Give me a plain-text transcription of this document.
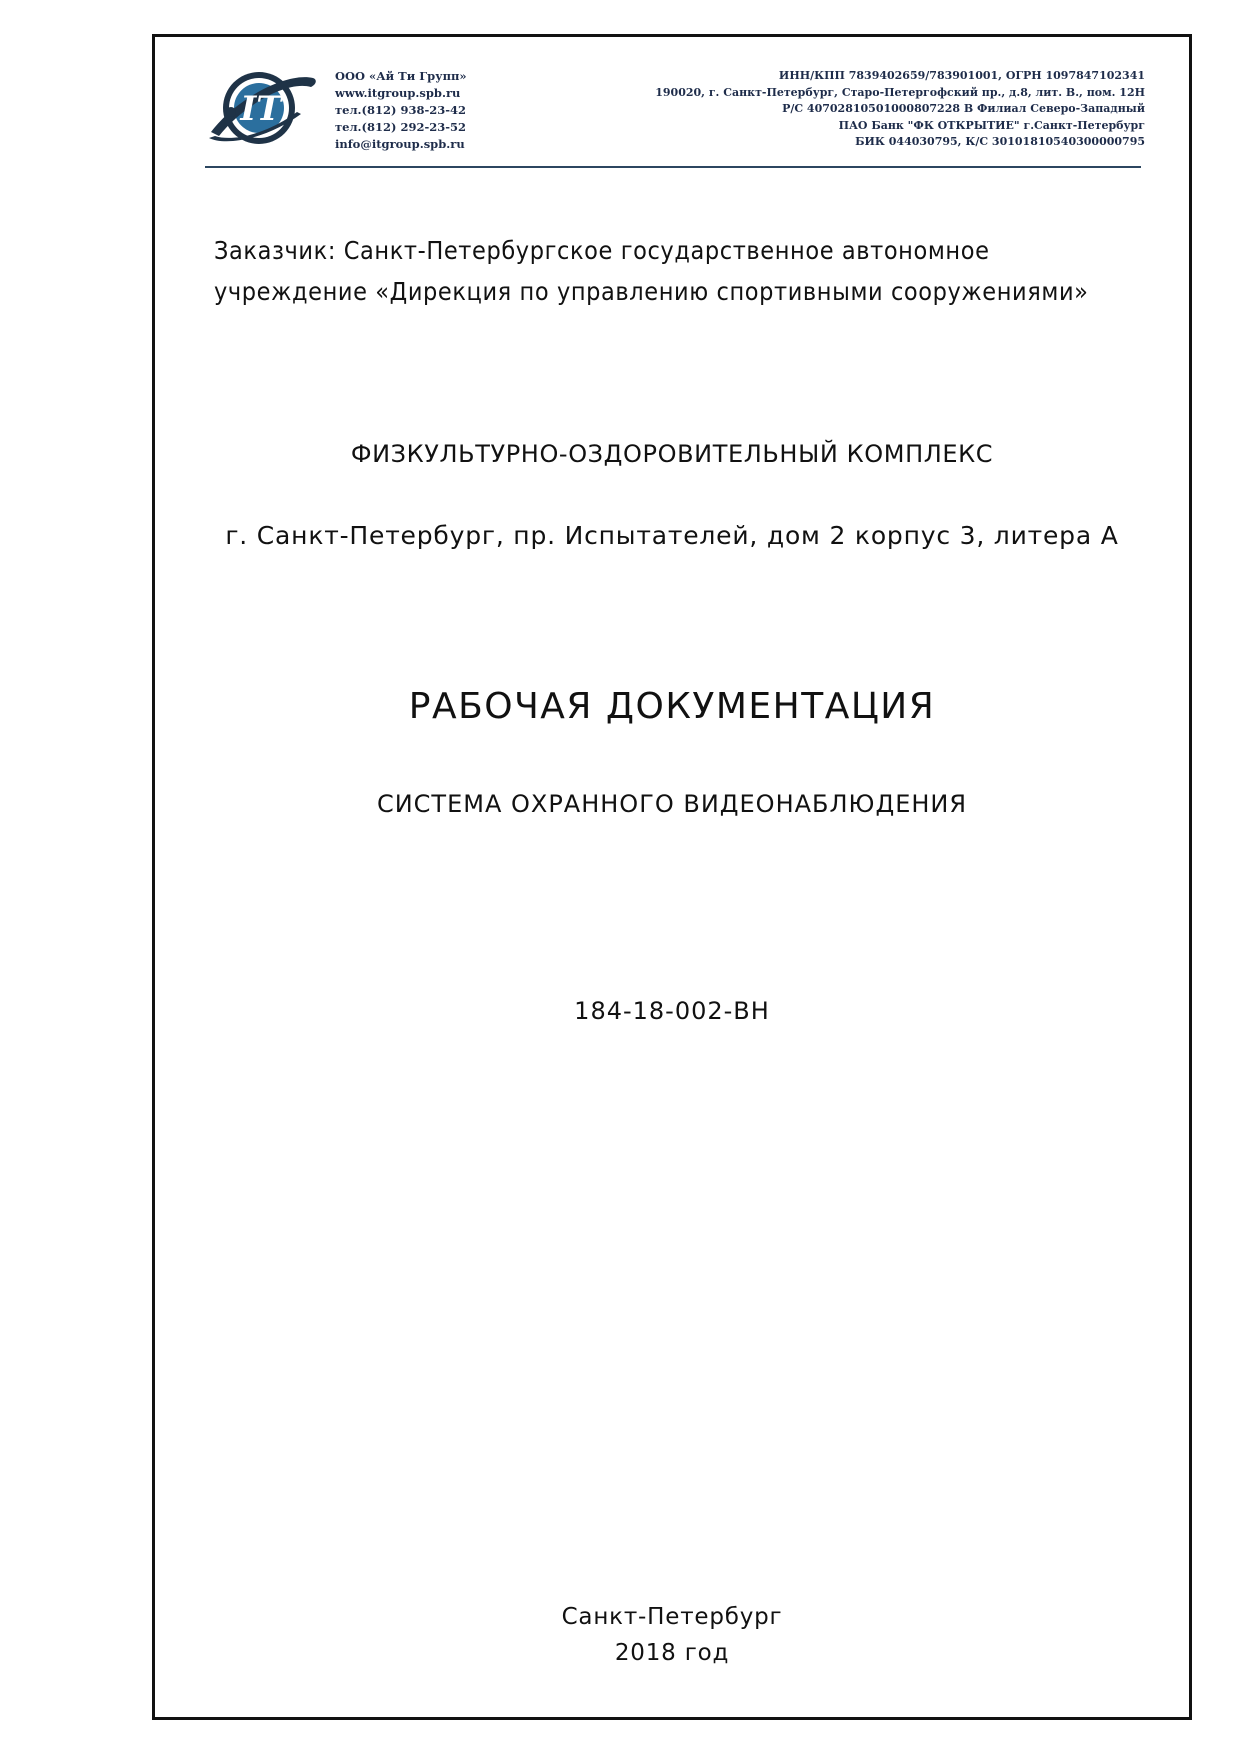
IT
ООО «Ай Ти Групп»
www.itgroup.spb.ru
тел.(812) 938-23-42
тел.(812) 292-23-52
info@itgroup.spb.ru
ИНН/КПП 7839402659/783901001, ОГРН 1097847102341
190020, г. Санкт-Петербург, Старо-Петергофский пр., д.8, лит. В., пом. 12Н
Р/С 40702810501000807228 В Филиал Северо-Западный
ПАО Банк "ФК ОТКРЫТИЕ" г.Санкт-Петербург
БИК 044030795, К/С 30101810540300000795
Заказчик: Санкт-Петербургское государственное автономное
учреждение «Дирекция по управлению спортивными сооружениями»
ФИЗКУЛЬТУРНО-ОЗДОРОВИТЕЛЬНЫЙ КОМПЛЕКС
г. Санкт-Петербург, пр. Испытателей, дом 2 корпус 3, литера А
РАБОЧАЯ ДОКУМЕНТАЦИЯ
СИСТЕМА ОХРАННОГО ВИДЕОНАБЛЮДЕНИЯ
184-18-002-ВН
Санкт-Петербург
2018 год
